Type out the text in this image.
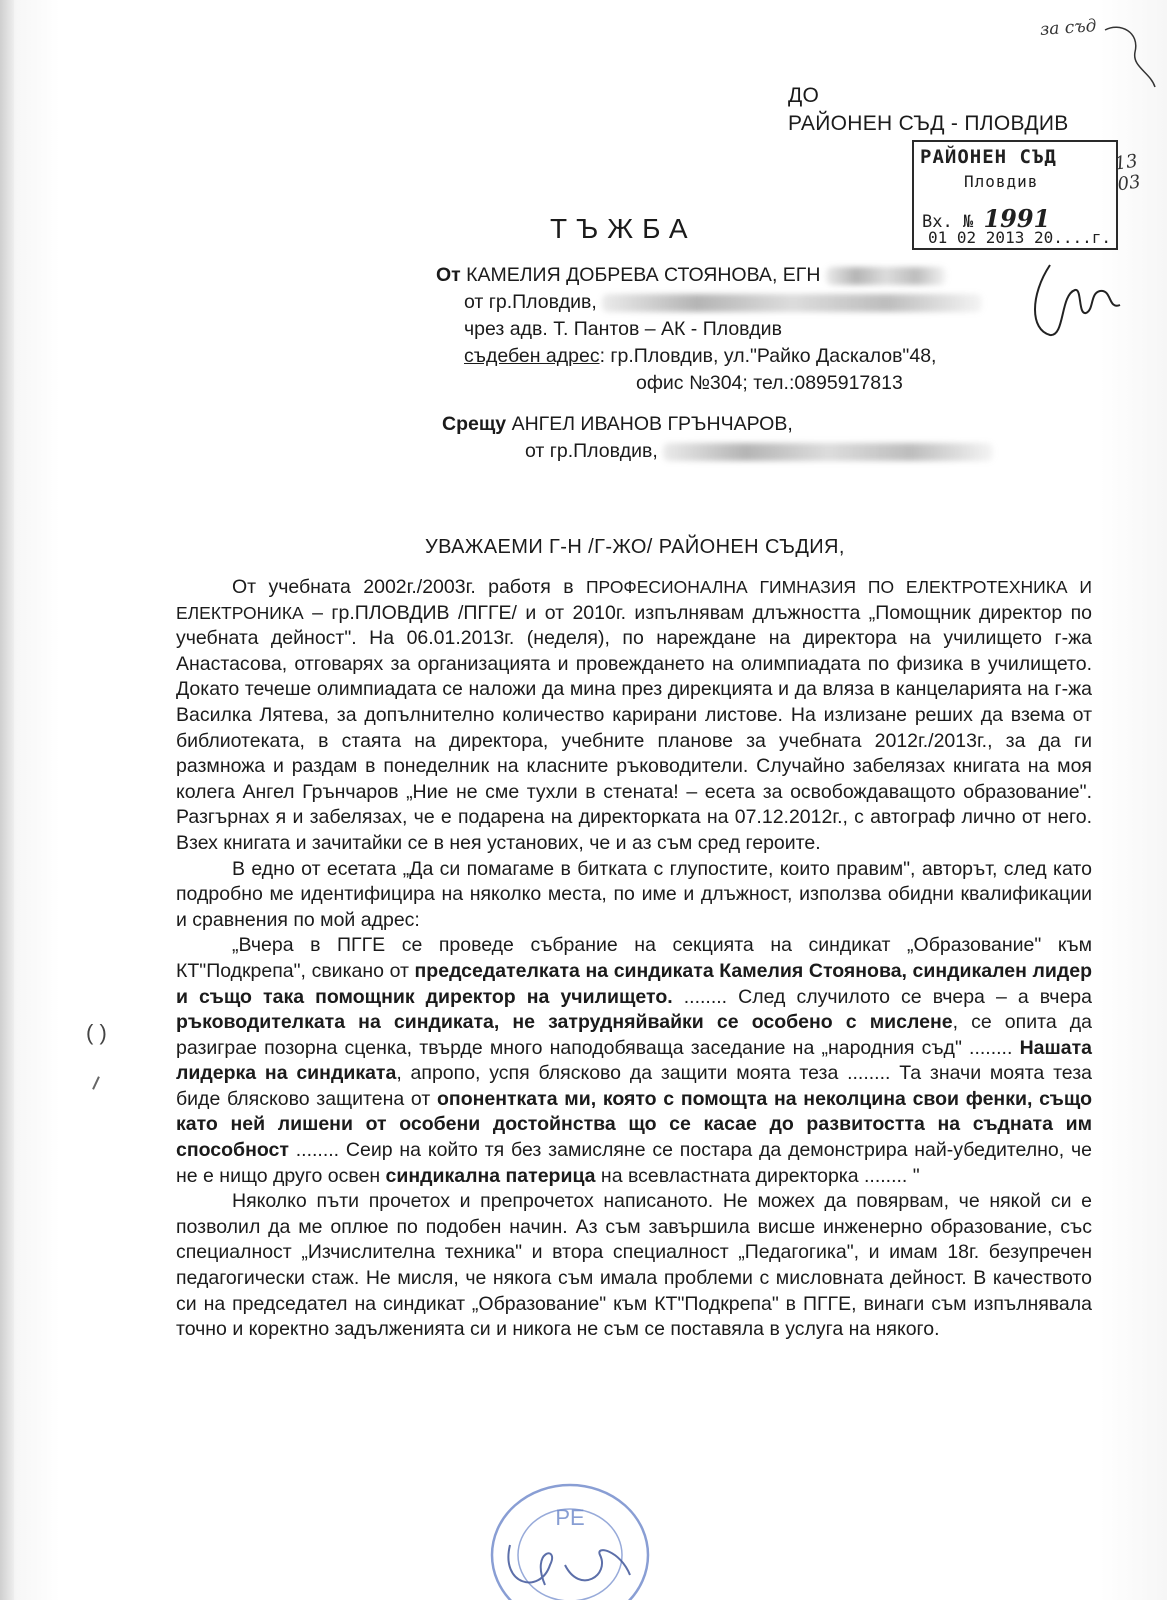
за съд
ДО
РАЙОНЕН СЪД - ПЛОВДИВ
РАЙОНЕН СЪД
Пловдив
Вх. № 1991
01 02 2013 20....г.
13 03
ТЪЖБА
От КАМЕЛИЯ ДОБРЕВА СТОЯНОВА, ЕГН
от гр.Пловдив,
чрез адв. Т. Пантов – АК - Пловдив
съдебен адрес: гр.Пловдив, ул."Райко Даскалов"48,
офис №304; тел.:0895917813
Срещу АНГЕЛ ИВАНОВ ГРЪНЧАРОВ,
от гр.Пловдив,
УВАЖАЕМИ Г-Н /Г-ЖО/ РАЙОНЕН СЪДИЯ,

От учебната 2002г./2003г. работя в ПРОФЕСИОНАЛНА ГИМНАЗИЯ ПО ЕЛЕКТРОТЕХНИКА И ЕЛЕКТРОНИКА – гр.ПЛОВДИВ /ПГГЕ/ и от 2010г. изпълнявам длъжността „Помощник директор по учебната дейност". На 06.01.2013г. (неделя), по нареждане на директора на училището г-жа Анастасова, отговарях за организацията и провеждането на олимпиадата по физика в училището. Докато течеше олимпиадата се наложи да мина през дирекцията и да вляза в канцеларията на г-жа Василка Лятева, за допълнително количество карирани листове. На излизане реших да взема от библиотеката, в стаята на директора, учебните планове за учебната 2012г./2013г., за да ги размножа и раздам в понеделник на класните ръководители. Случайно забелязах книгата на моя колега Ангел Грънчаров „Ние не сме тухли в стената! – есета за освобождаващото образование". Разгърнах я и забелязах, че е подарена на директорката на 07.12.2012г., с автограф лично от него. Взех книгата и зачитайки се в нея установих, че и аз съм сред героите.

В едно от есетата „Да си помагаме в битката с глупостите, които правим", авторът, след като подробно ме идентифицира на няколко места, по име и длъжност, използва обидни квалификации и сравнения по мой адрес:

„Вчера в ПГГЕ се проведе събрание на секцията на синдикат „Образование" към КТ"Подкрепа", свикано от председателката на синдиката Камелия Стоянова, синдикален лидер и също така помощник директор на училището. ........ След случилото се вчера – а вчера ръководителката на синдиката, не затрудняйвайки се особено с мислене, се опита да разиграе позорна сценка, твърде много наподобяваща заседание на „народния съд" ........ Нашата лидерка на синдиката, апропо, успя блясково да защити моята теза ........ Та значи моята теза биде блясково защитена от опонентката ми, която с помощта на неколцина свои фенки, също като ней лишени от особени достойнства що се касае до развитостта на съдната им способност ........ Сеир на който тя без замисляне се постара да демонстрира най-убедително, че не е нищо друго освен синдикална патерица на всевластната директорка ........ "

Няколко пъти прочетох и препрочетох написаното. Не можех да повярвам, че някой си е позволил да ме оплюе по подобен начин. Аз съм завършила висше инженерно образование, със специалност „Изчислителна техника" и втора специалност „Педагогика", и имам 18г. безупречен педагогически стаж. Не мисля, че някога съм имала проблеми с мисловната дейност. В качеството си на председател на синдикат „Образование" към КТ"Подкрепа" в ПГГЕ, винаги съм изпълнявала точно и коректно задълженията си и никога не съм се поставяла в услуга на някого.

( )
РЕ
